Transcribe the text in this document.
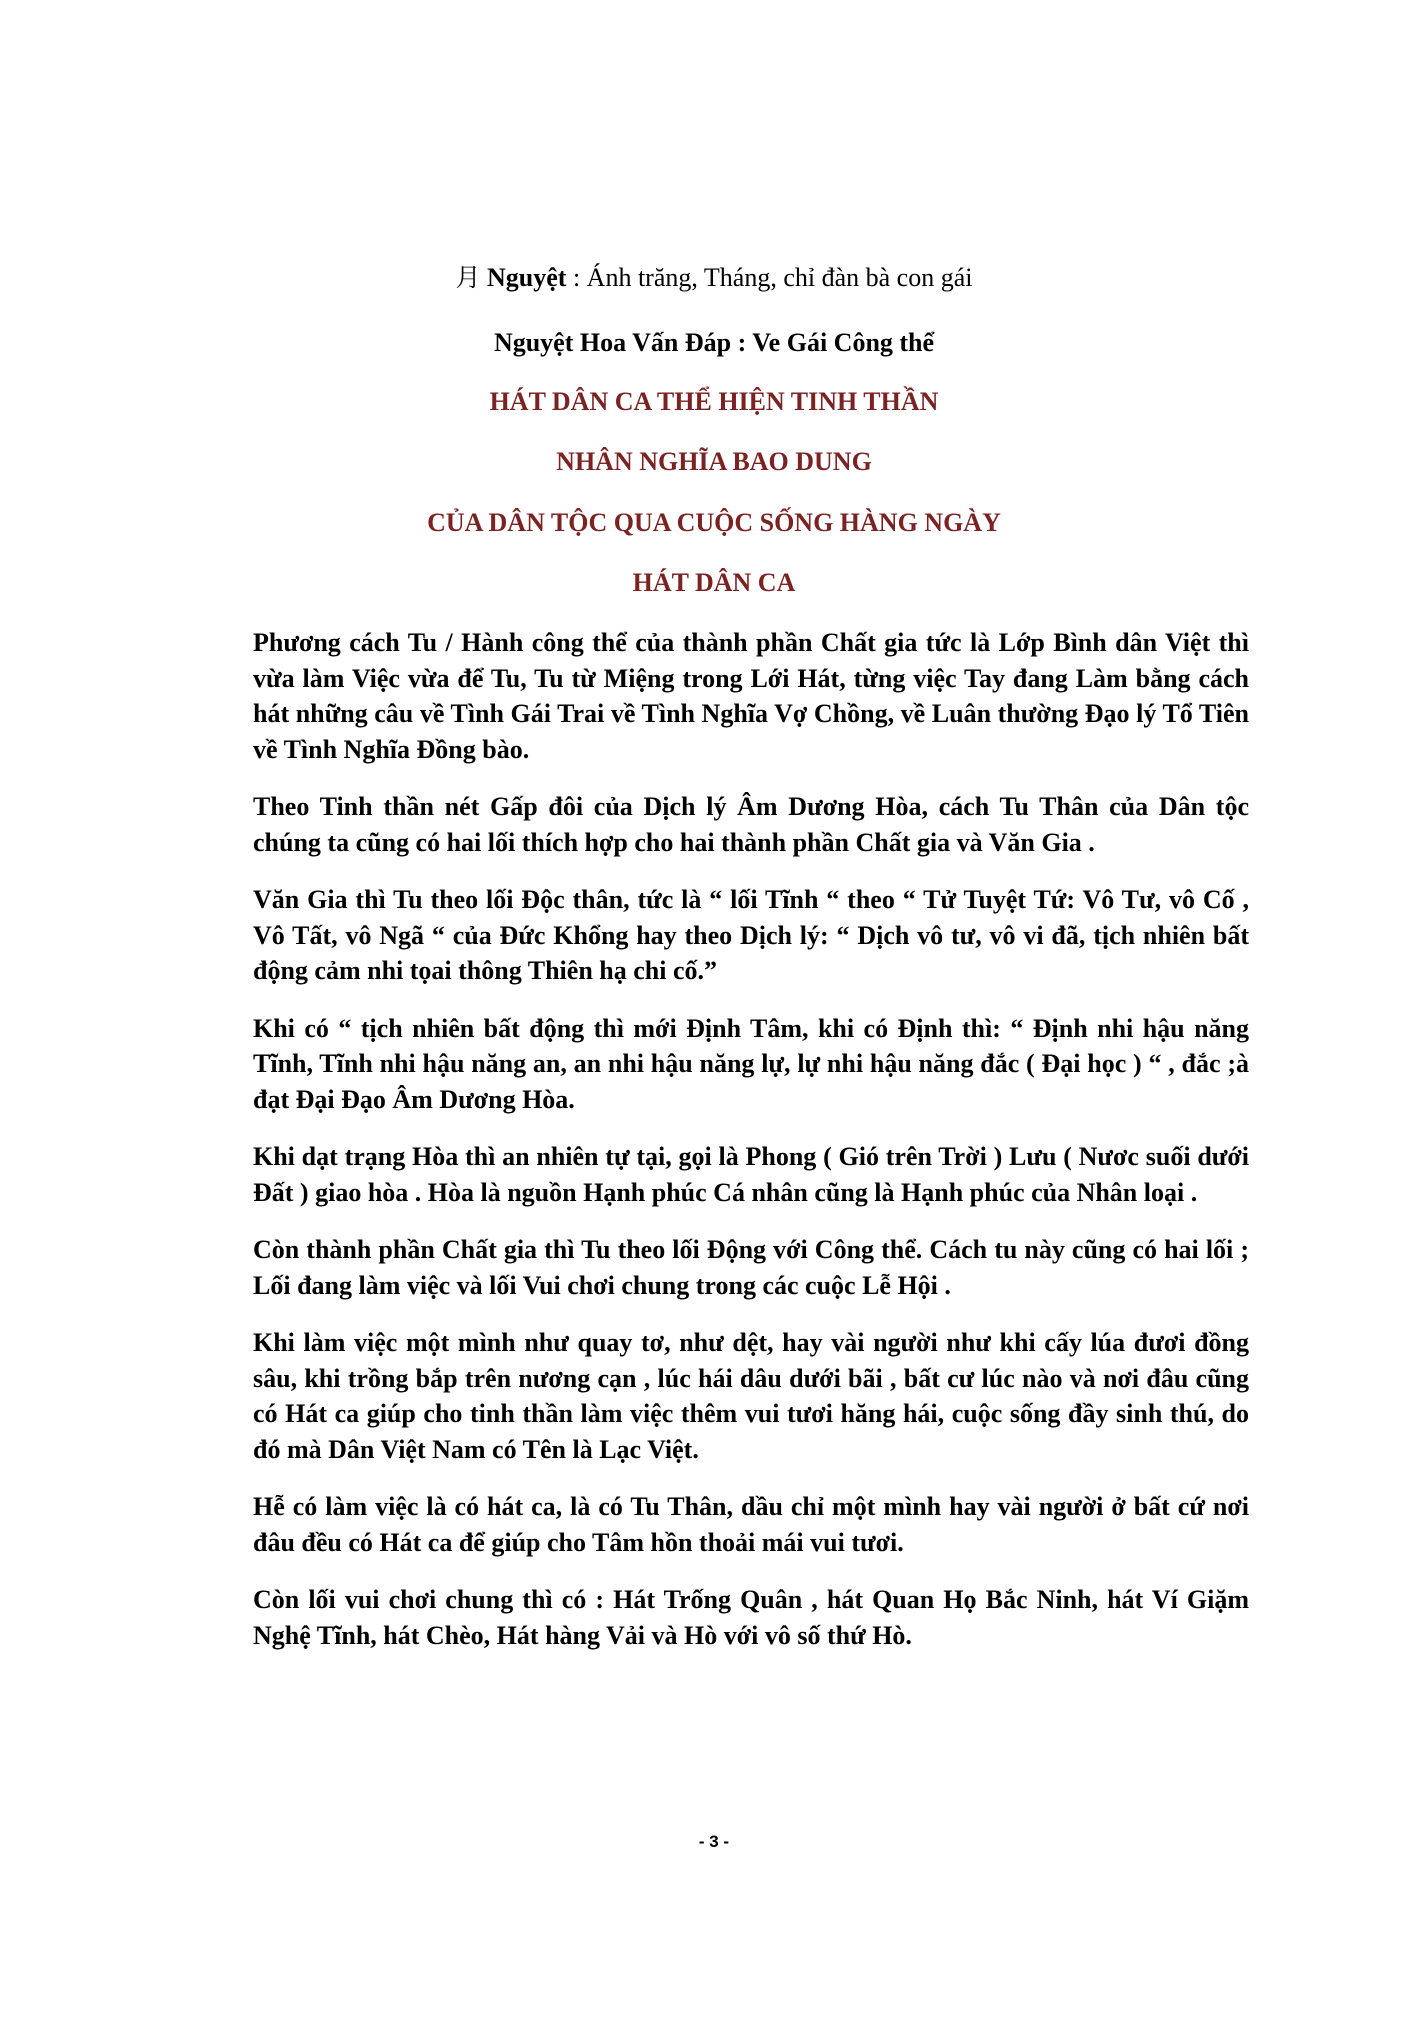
月 Nguyệt : Ánh trăng, Tháng, chỉ đàn bà con gái
Nguyệt Hoa Vấn Đáp : Ve Gái Công thể
HÁT DÂN CA THỂ HIỆN TINH THẦN
NHÂN NGHĨA BAO DUNG
CỦA DÂN TỘC QUA CUỘC SỐNG HÀNG NGÀY
HÁT DÂN CA

Phương cách Tu / Hành công thể của thành phần Chất gia tức là Lớp Bình dân Việt thì vừa làm Việc vừa để Tu, Tu từ Miệng trong Lới Hát, từng việc Tay đang Làm bằng cách hát những câu về Tình Gái Trai về Tình Nghĩa Vợ Chồng, về Luân thường Đạo lý Tổ Tiên về Tình Nghĩa Đồng bào.

Theo Tinh thần nét Gấp đôi của Dịch lý Âm Dương Hòa, cách Tu Thân của Dân tộc chúng ta cũng có hai lối thích hợp cho hai thành phần Chất gia và Văn Gia .

Văn Gia thì Tu theo lối Độc thân, tức là “ lối Tĩnh “ theo “ Tử Tuyệt Tứ: Vô Tư, vô Cố , Vô Tất, vô Ngã “ của Đức Khổng hay theo Dịch lý: “ Dịch vô tư, vô vi đã, tịch nhiên bất động cảm nhi tọai thông Thiên hạ chi cố.”

Khi có “ tịch nhiên bất động thì mới Định Tâm, khi có Định thì: “ Định nhi hậu năng Tĩnh, Tĩnh nhi hậu năng an, an nhi hậu năng lự, lự nhi hậu năng đắc ( Đại học ) “ , đắc ;à đạt Đại Đạo Âm Dương Hòa.

Khi dạt trạng Hòa thì an nhiên tự tại, gọi là Phong ( Gió trên Trời ) Lưu ( Nươc suối dưới Đất ) giao hòa . Hòa là nguồn Hạnh phúc Cá nhân cũng là Hạnh phúc của Nhân loại .

Còn thành phần Chất gia thì Tu theo lối Động với Công thể. Cách tu này cũng có hai lối ; Lối đang làm việc và lối Vui chơi chung trong các cuộc Lễ Hội .

Khi làm việc một mình như quay tơ, như dệt, hay vài người như khi cấy lúa đươi đồng sâu, khi trồng bắp trên nương cạn , lúc hái dâu dưới bãi , bất cư lúc nào và nơi đâu cũng có Hát ca giúp cho tinh thần làm việc thêm vui tươi hăng hái, cuộc sống đầy sinh thú, do đó mà Dân Việt Nam có Tên là Lạc Việt.

Hễ có làm việc là có hát ca, là có Tu Thân, dầu chỉ một mình hay vài người ở bất cứ nơi đâu đều có Hát ca để giúp cho Tâm hồn thoải mái vui tươi.

Còn lối vui chơi chung thì có : Hát Trống Quân , hát Quan Họ Bắc Ninh, hát Ví Giặm Nghệ Tĩnh, hát Chèo, Hát hàng Vải và Hò với vô số thứ Hò.

- 3 -
